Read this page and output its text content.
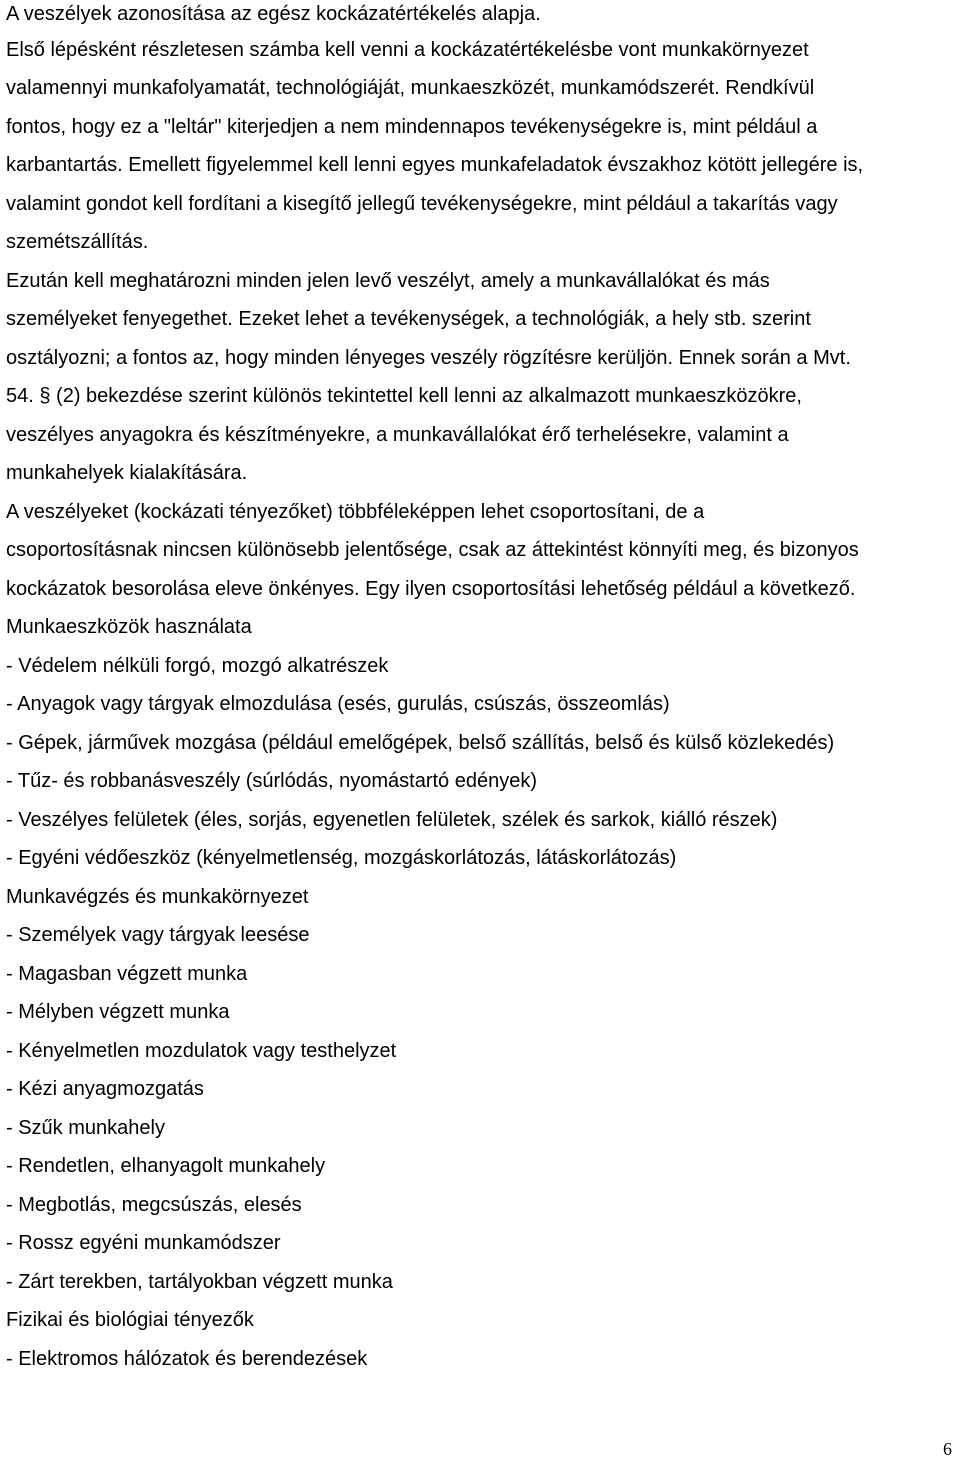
A veszélyek azonosítása az egész kockázatértékelés alapja.
Első lépésként részletesen számba kell venni a kockázatértékelésbe vont munkakörnyezet
valamennyi munkafolyamatát, technológiáját, munkaeszközét, munkamódszerét. Rendkívül
fontos, hogy ez a "leltár" kiterjedjen a nem mindennapos tevékenységekre is, mint például a
karbantartás. Emellett figyelemmel kell lenni egyes munkafeladatok évszakhoz kötött jellegére is,
valamint gondot kell fordítani a kisegítő jellegű tevékenységekre, mint például a takarítás vagy
szemétszállítás.
Ezután kell meghatározni minden jelen levő veszélyt, amely a munkavállalókat és más
személyeket fenyegethet. Ezeket lehet a tevékenységek, a technológiák, a hely stb. szerint
osztályozni; a fontos az, hogy minden lényeges veszély rögzítésre kerüljön. Ennek során a Mvt.
54. § (2) bekezdése szerint különös tekintettel kell lenni az alkalmazott munkaeszközökre,
veszélyes anyagokra és készítményekre, a munkavállalókat érő terhelésekre, valamint a
munkahelyek kialakítására.
A veszélyeket (kockázati tényezőket) többféleképpen lehet csoportosítani, de a
csoportosításnak nincsen különösebb jelentősége, csak az áttekintést könnyíti meg, és bizonyos
kockázatok besorolása eleve önkényes. Egy ilyen csoportosítási lehetőség például a következő.
Munkaeszközök használata
- Védelem nélküli forgó, mozgó alkatrészek
- Anyagok vagy tárgyak elmozdulása (esés, gurulás, csúszás, összeomlás)
- Gépek, járművek mozgása (például emelőgépek, belső szállítás, belső és külső közlekedés)
- Tűz- és robbanásveszély (súrlódás, nyomástartó edények)
- Veszélyes felületek (éles, sorjás, egyenetlen felületek, szélek és sarkok, kiálló részek)
- Egyéni védőeszköz (kényelmetlenség, mozgáskorlátozás, látáskorlátozás)
Munkavégzés és munkakörnyezet
- Személyek vagy tárgyak leesése
- Magasban végzett munka
- Mélyben végzett munka
- Kényelmetlen mozdulatok vagy testhelyzet
- Kézi anyagmozgatás
- Szűk munkahely
- Rendetlen, elhanyagolt munkahely
- Megbotlás, megcsúszás, elesés
- Rossz egyéni munkamódszer
- Zárt terekben, tartályokban végzett munka
Fizikai és biológiai tényezők
- Elektromos hálózatok és berendezések
6
